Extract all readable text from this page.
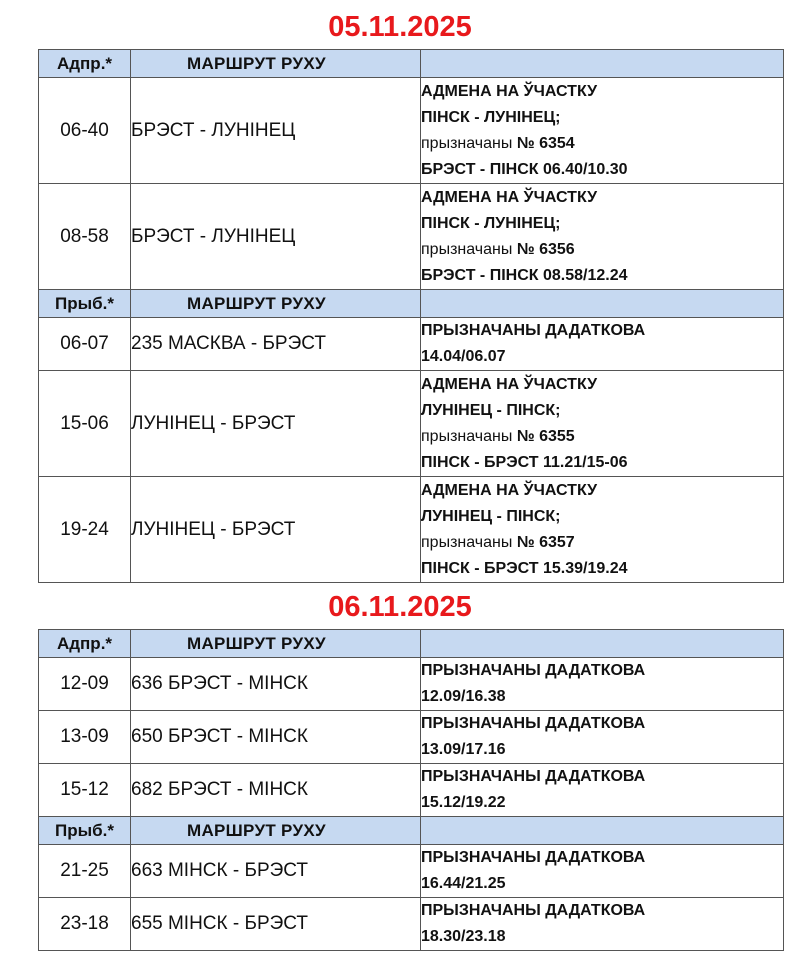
05.11.2025
Адпр.*	МАРШРУТ РУХУ	
06-40	БРЭСТ - ЛУНІНЕЦ	АДМЕНА НА ЎЧАСТКУ
ПІНСК - ЛУНІНЕЦ;
прызначаны № 6354
БРЭСТ - ПІНСК 06.40/10.30

08-58	БРЭСТ - ЛУНІНЕЦ	АДМЕНА НА ЎЧАСТКУ
ПІНСК - ЛУНІНЕЦ;
прызначаны № 6356
БРЭСТ - ПІНСК 08.58/12.24

Прыб.*	МАРШРУТ РУХУ	
06-07	235 МАСКВА - БРЭСТ	ПРЫЗНАЧАНЫ ДАДАТКОВА
14.04/06.07

15-06	ЛУНІНЕЦ - БРЭСТ	АДМЕНА НА ЎЧАСТКУ
ЛУНІНЕЦ - ПІНСК;
прызначаны № 6355
ПІНСК - БРЭСТ 11.21/15-06

19-24	ЛУНІНЕЦ - БРЭСТ	АДМЕНА НА ЎЧАСТКУ
ЛУНІНЕЦ - ПІНСК;
прызначаны № 6357
ПІНСК - БРЭСТ 15.39/19.24
06.11.2025
Адпр.*	МАРШРУТ РУХУ	
12-09	636 БРЭСТ - МІНСК	ПРЫЗНАЧАНЫ ДАДАТКОВА
12.09/16.38

13-09	650 БРЭСТ - МІНСК	ПРЫЗНАЧАНЫ ДАДАТКОВА
13.09/17.16

15-12	682 БРЭСТ - МІНСК	ПРЫЗНАЧАНЫ ДАДАТКОВА
15.12/19.22

Прыб.*	МАРШРУТ РУХУ	
21-25	663 МІНСК - БРЭСТ	ПРЫЗНАЧАНЫ ДАДАТКОВА
16.44/21.25

23-18	655 МІНСК - БРЭСТ	ПРЫЗНАЧАНЫ ДАДАТКОВА
18.30/23.18
